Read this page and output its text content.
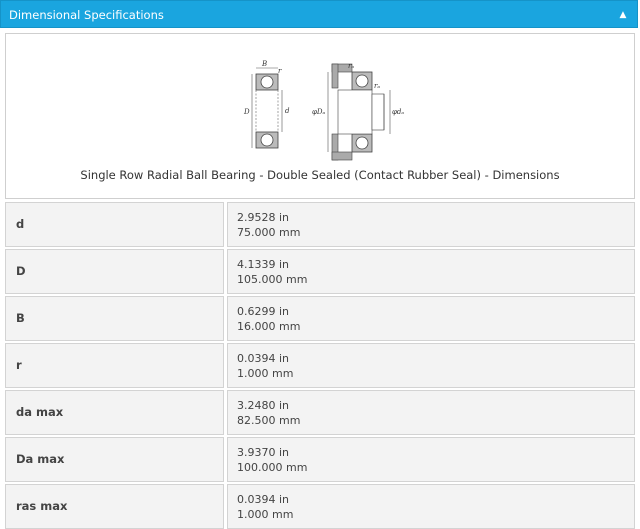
Dimensional Specifications	▲
B
r
D	d	φDₐ	φdₐ
rₐ
rₐ
Single Row Radial Ball Bearing - Double Sealed (Contact Rubber Seal) - Dimensions
d	2.9528 in
75.000 mm
D	4.1339 in
105.000 mm
B	0.6299 in
16.000 mm
r	0.0394 in
1.000 mm
da max	3.2480 in
82.500 mm
Da max	3.9370 in
100.000 mm
ras max	0.0394 in
1.000 mm
